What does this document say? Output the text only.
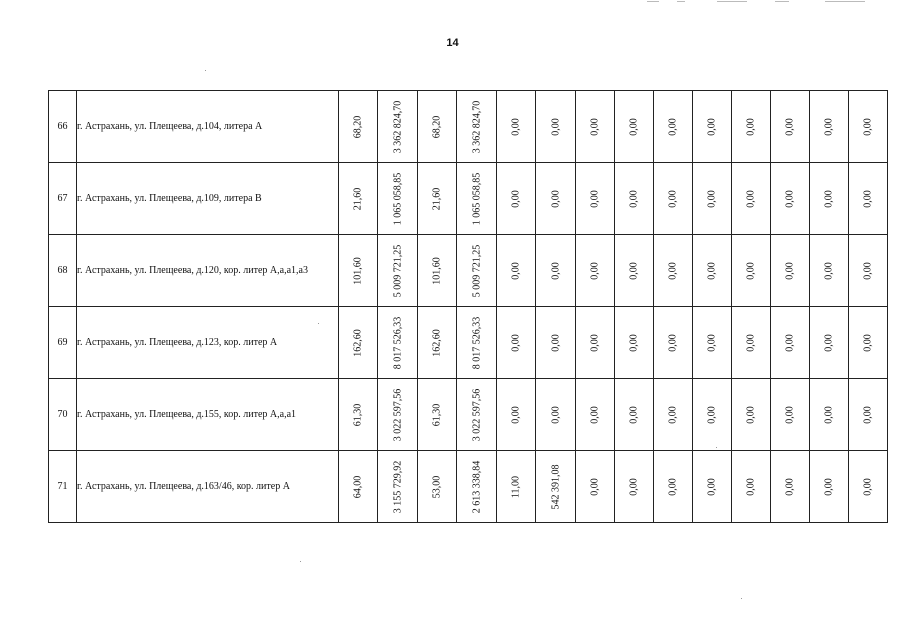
14
66	г. Астрахань, ул. Плещеева, д.104, литера А	68,20	3 362 824,70	68,20	3 362 824,70	0,00	0,00	0,00	0,00	0,00	0,00	0,00	0,00	0,00	0,00

67	г. Астрахань, ул. Плещеева, д.109, литера В	21,60	1 065 058,85	21,60	1 065 058,85	0,00	0,00	0,00	0,00	0,00	0,00	0,00	0,00	0,00	0,00

68	г. Астрахань, ул. Плещеева, д.120, кор. литер А,а,а1,а3	101,60	5 009 721,25	101,60	5 009 721,25	0,00	0,00	0,00	0,00	0,00	0,00	0,00	0,00	0,00	0,00

69	г. Астрахань, ул. Плещеева, д.123, кор. литер А	162,60	8 017 526,33	162,60	8 017 526,33	0,00	0,00	0,00	0,00	0,00	0,00	0,00	0,00	0,00	0,00

70	г. Астрахань, ул. Плещеева, д.155, кор. литер А,а,а1	61,30	3 022 597,56	61,30	3 022 597,56	0,00	0,00	0,00	0,00	0,00	0,00	0,00	0,00	0,00	0,00

71	г. Астрахань, ул. Плещеева, д.163/46, кор. литер А	64,00	3 155 729,92	53,00	2 613 338,84	11,00	542 391,08	0,00	0,00	0,00	0,00	0,00	0,00	0,00	0,00
